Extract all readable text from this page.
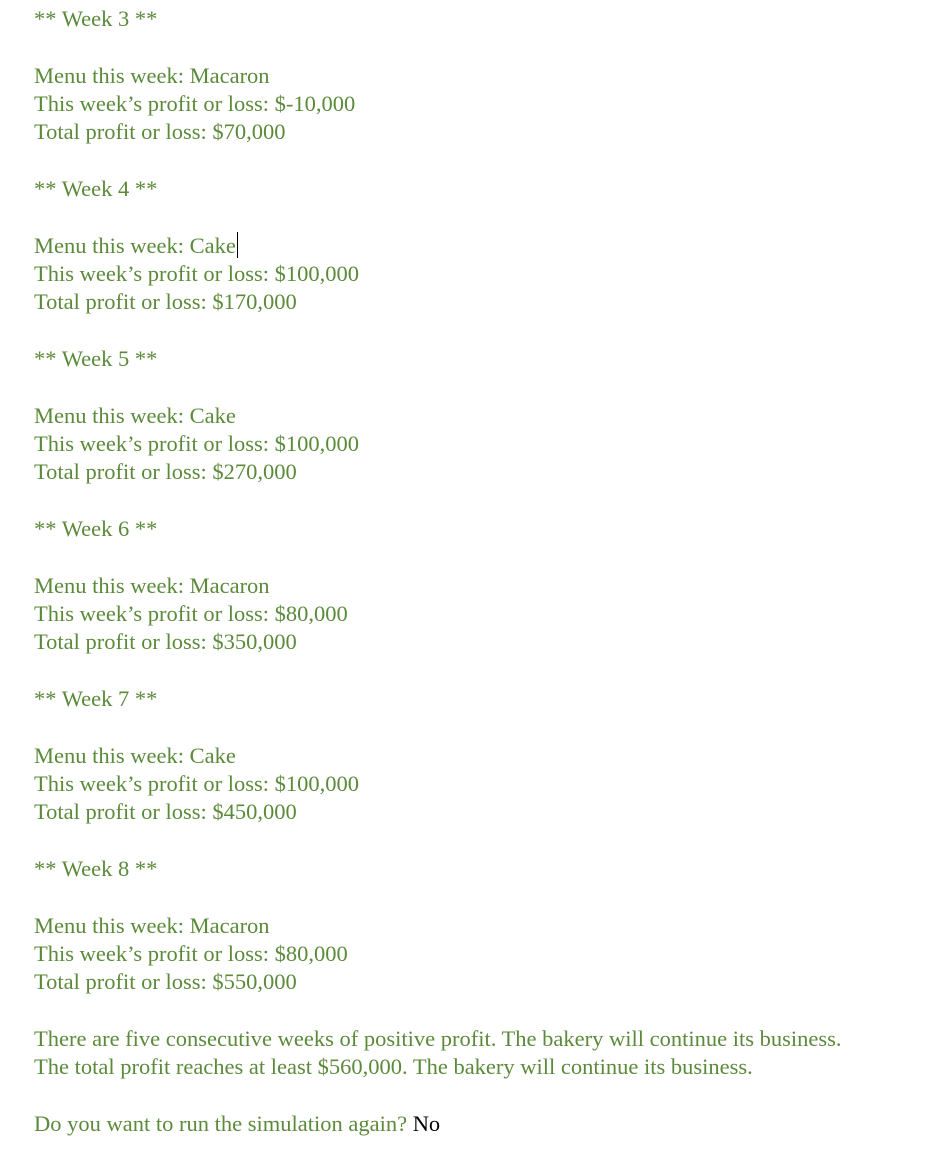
** Week 3 **
Menu this week: Macaron
This week’s profit or loss: $-10,000
Total profit or loss: $70,000
** Week 4 **
Menu this week: Cake
This week’s profit or loss: $100,000
Total profit or loss: $170,000
** Week 5 **
Menu this week: Cake
This week’s profit or loss: $100,000
Total profit or loss: $270,000
** Week 6 **
Menu this week: Macaron
This week’s profit or loss: $80,000
Total profit or loss: $350,000
** Week 7 **
Menu this week: Cake
This week’s profit or loss: $100,000
Total profit or loss: $450,000
** Week 8 **
Menu this week: Macaron
This week’s profit or loss: $80,000
Total profit or loss: $550,000
There are five consecutive weeks of positive profit. The bakery will continue its business.
The total profit reaches at least $560,000. The bakery will continue its business.
Do you want to run the simulation again? No
